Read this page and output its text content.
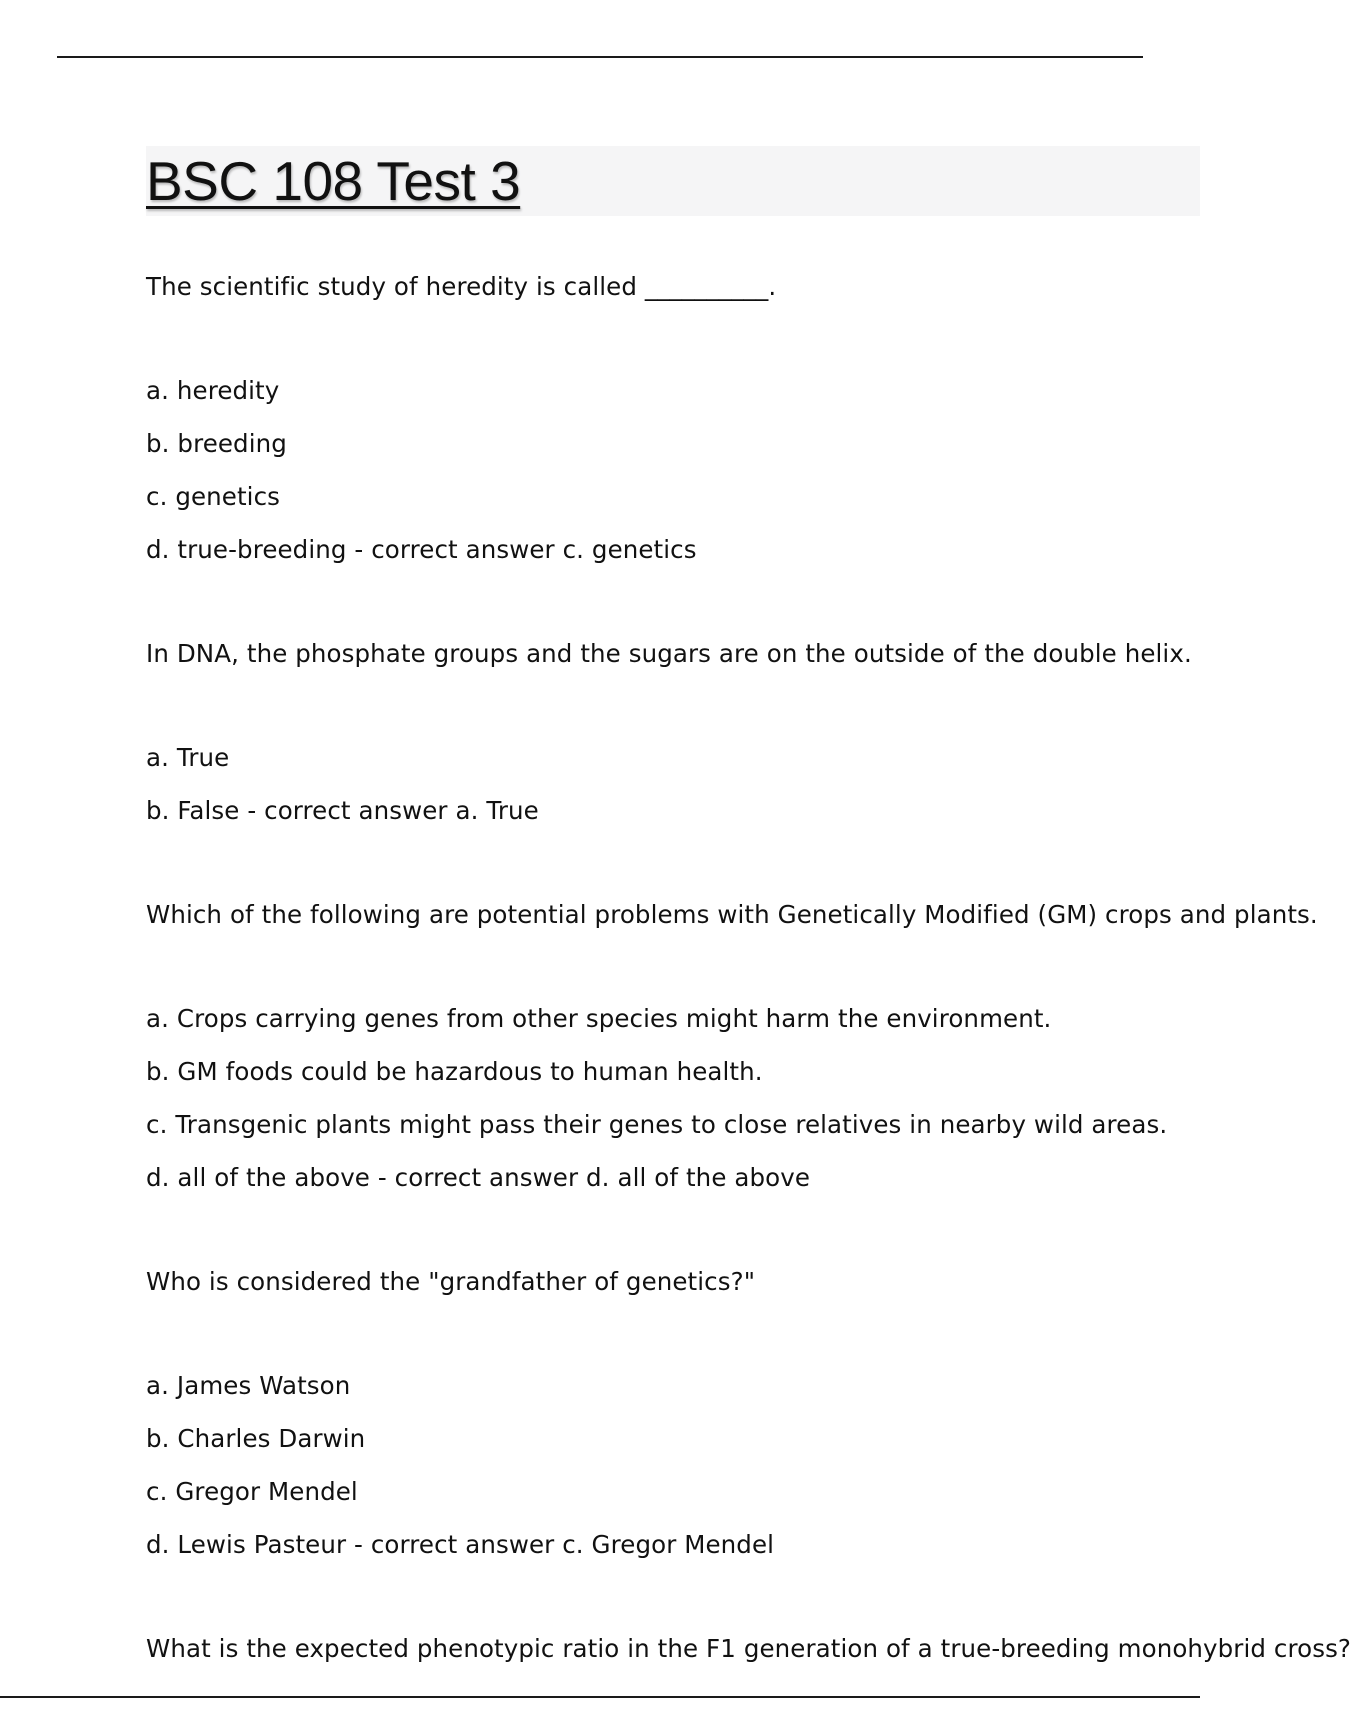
BSC 108 Test 3

The scientific study of heredity is called __________.

a. heredity

b. breeding

c. genetics

d. true-breeding - correct answer c. genetics

In DNA, the phosphate groups and the sugars are on the outside of the double helix.

a. True

b. False - correct answer a. True

Which of the following are potential problems with Genetically Modified (GM) crops and plants.

a. Crops carrying genes from other species might harm the environment.

b. GM foods could be hazardous to human health.

c. Transgenic plants might pass their genes to close relatives in nearby wild areas.

d. all of the above - correct answer d. all of the above

Who is considered the "grandfather of genetics?"

a. James Watson

b. Charles Darwin

c. Gregor Mendel

d. Lewis Pasteur - correct answer c. Gregor Mendel

What is the expected phenotypic ratio in the F1 generation of a true-breeding monohybrid cross?
